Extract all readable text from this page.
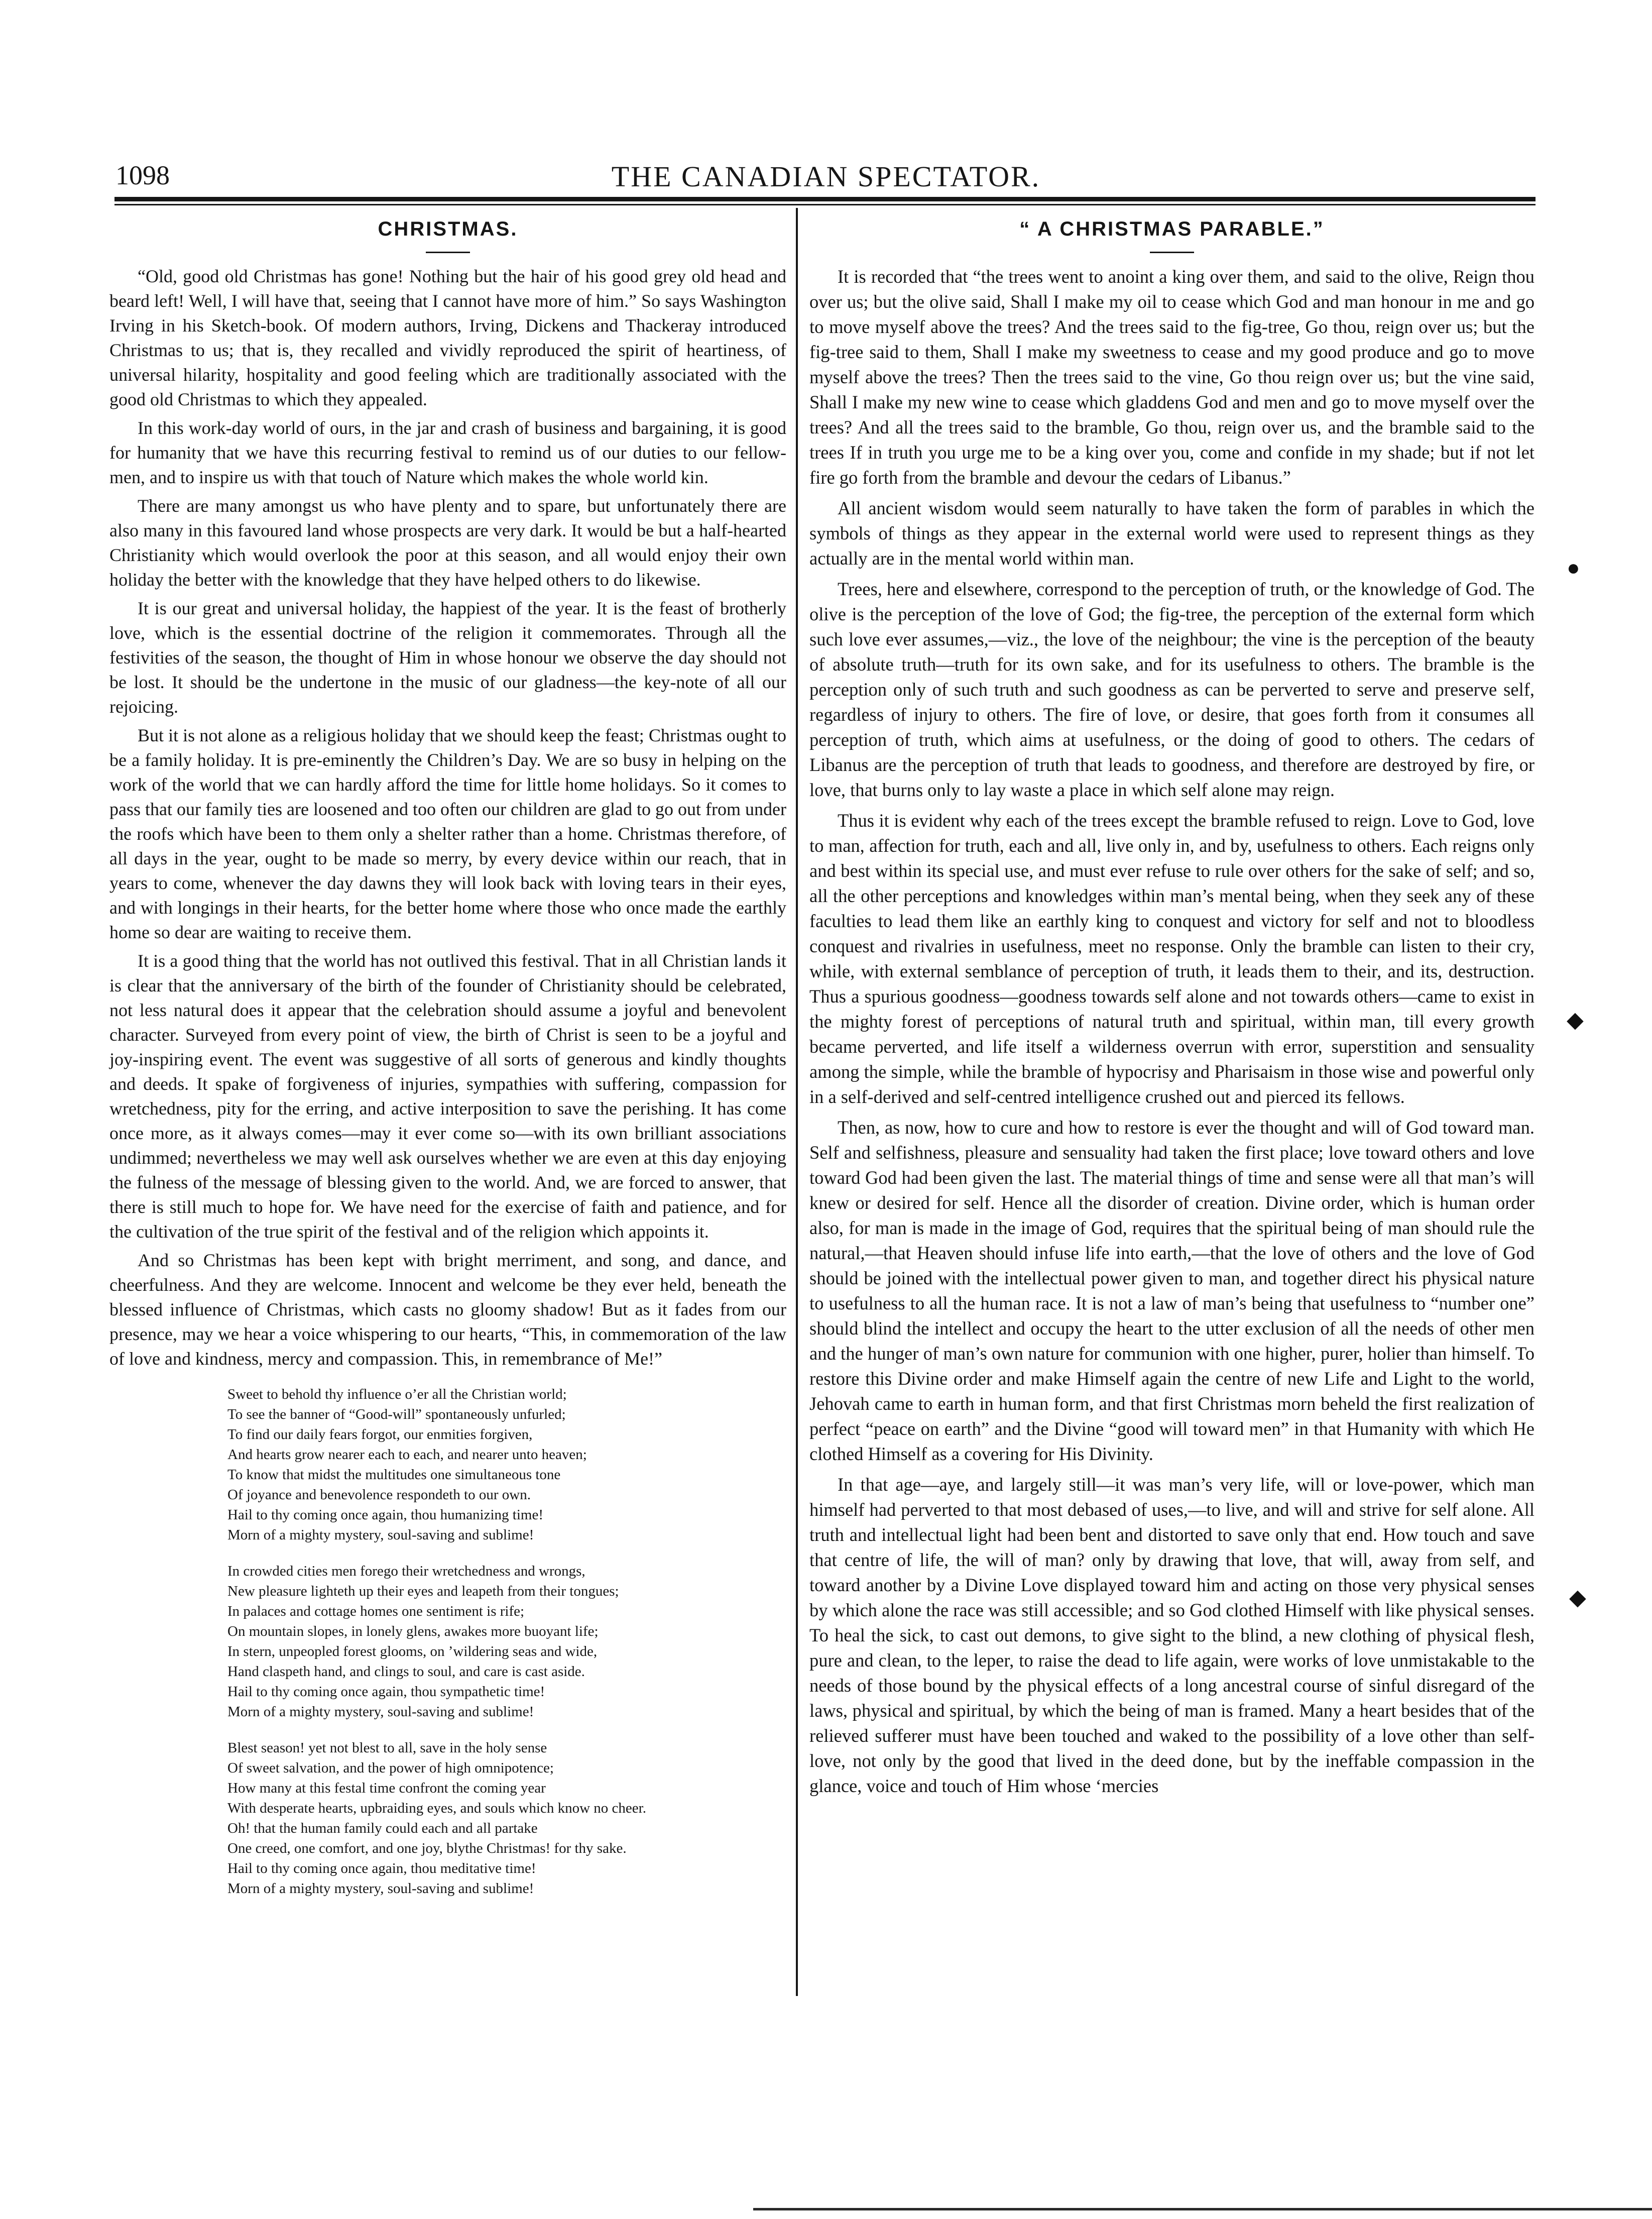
1098	THE CANADIAN SPECTATOR.
CHRISTMAS.

“Old, good old Christmas has gone! Nothing but the hair of his good grey old head and beard left! Well, I will have that, seeing that I cannot have more of him.” So says Washington Irving in his Sketch-book. Of modern authors, Irving, Dickens and Thackeray introduced Christmas to us; that is, they recalled and vividly reproduced the spirit of heartiness, of universal hilarity, hospitality and good feeling which are traditionally associated with the good old Christmas to which they appealed.

In this work-day world of ours, in the jar and crash of business and bargaining, it is good for humanity that we have this recurring festival to remind us of our duties to our fellow-men, and to inspire us with that touch of Nature which makes the whole world kin.

There are many amongst us who have plenty and to spare, but unfortunately there are also many in this favoured land whose prospects are very dark. It would be but a half-hearted Christianity which would overlook the poor at this season, and all would enjoy their own holiday the better with the knowledge that they have helped others to do likewise.

It is our great and universal holiday, the happiest of the year. It is the feast of brotherly love, which is the essential doctrine of the religion it commemorates. Through all the festivities of the season, the thought of Him in whose honour we observe the day should not be lost. It should be the undertone in the music of our gladness—the key-note of all our rejoicing.

But it is not alone as a religious holiday that we should keep the feast; Christmas ought to be a family holiday. It is pre-eminently the Children’s Day. We are so busy in helping on the work of the world that we can hardly afford the time for little home holidays. So it comes to pass that our family ties are loosened and too often our children are glad to go out from under the roofs which have been to them only a shelter rather than a home. Christmas therefore, of all days in the year, ought to be made so merry, by every device within our reach, that in years to come, whenever the day dawns they will look back with loving tears in their eyes, and with longings in their hearts, for the better home where those who once made the earthly home so dear are waiting to receive them.

It is a good thing that the world has not outlived this festival. That in all Christian lands it is clear that the anniversary of the birth of the founder of Christianity should be celebrated, not less natural does it appear that the celebration should assume a joyful and benevolent character. Surveyed from every point of view, the birth of Christ is seen to be a joyful and joy-inspiring event. The event was suggestive of all sorts of generous and kindly thoughts and deeds. It spake of forgiveness of injuries, sympathies with suffering, compassion for wretchedness, pity for the erring, and active interposition to save the perishing. It has come once more, as it always comes—may it ever come so—with its own brilliant associations undimmed; nevertheless we may well ask ourselves whether we are even at this day enjoying the fulness of the message of blessing given to the world. And, we are forced to answer, that there is still much to hope for. We have need for the exercise of faith and patience, and for the cultivation of the true spirit of the festival and of the religion which appoints it.

And so Christmas has been kept with bright merriment, and song, and dance, and cheerfulness. And they are welcome. Innocent and welcome be they ever held, beneath the blessed influence of Christmas, which casts no gloomy shadow! But as it fades from our presence, may we hear a voice whispering to our hearts, “This, in commemoration of the law of love and kindness, mercy and compassion. This, in remembrance of Me!”

Sweet to behold thy influence o’er all the Christian world;
To see the banner of “Good-will” spontaneously unfurled;
To find our daily fears forgot, our enmities forgiven,
And hearts grow nearer each to each, and nearer unto heaven;
To know that midst the multitudes one simultaneous tone
Of joyance and benevolence respondeth to our own.
Hail to thy coming once again, thou humanizing time!
Morn of a mighty mystery, soul-saving and sublime!
In crowded cities men forego their wretchedness and wrongs,
New pleasure lighteth up their eyes and leapeth from their tongues;
In palaces and cottage homes one sentiment is rife;
On mountain slopes, in lonely glens, awakes more buoyant life;
In stern, unpeopled forest glooms, on ’wildering seas and wide,
Hand claspeth hand, and clings to soul, and care is cast aside.
Hail to thy coming once again, thou sympathetic time!
Morn of a mighty mystery, soul-saving and sublime!
Blest season! yet not blest to all, save in the holy sense
Of sweet salvation, and the power of high omnipotence;
How many at this festal time confront the coming year
With desperate hearts, upbraiding eyes, and souls which know no cheer.
Oh! that the human family could each and all partake
One creed, one comfort, and one joy, blythe Christmas! for thy sake.
Hail to thy coming once again, thou meditative time!
Morn of a mighty mystery, soul-saving and sublime!
“ A CHRISTMAS PARABLE.”

It is recorded that “the trees went to anoint a king over them, and said to the olive, Reign thou over us; but the olive said, Shall I make my oil to cease which God and man honour in me and go to move myself above the trees? And the trees said to the fig-tree, Go thou, reign over us; but the fig-tree said to them, Shall I make my sweetness to cease and my good produce and go to move myself above the trees? Then the trees said to the vine, Go thou reign over us; but the vine said, Shall I make my new wine to cease which gladdens God and men and go to move myself over the trees? And all the trees said to the bramble, Go thou, reign over us, and the bramble said to the trees If in truth you urge me to be a king over you, come and confide in my shade; but if not let fire go forth from the bramble and devour the cedars of Libanus.”

All ancient wisdom would seem naturally to have taken the form of parables in which the symbols of things as they appear in the external world were used to represent things as they actually are in the mental world within man.

Trees, here and elsewhere, correspond to the perception of truth, or the knowledge of God. The olive is the perception of the love of God; the fig-tree, the perception of the external form which such love ever assumes,—viz., the love of the neighbour; the vine is the perception of the beauty of absolute truth—truth for its own sake, and for its usefulness to others. The bramble is the perception only of such truth and such goodness as can be perverted to serve and preserve self, regardless of injury to others. The fire of love, or desire, that goes forth from it consumes all perception of truth, which aims at usefulness, or the doing of good to others. The cedars of Libanus are the perception of truth that leads to goodness, and therefore are destroyed by fire, or love, that burns only to lay waste a place in which self alone may reign.

Thus it is evident why each of the trees except the bramble refused to reign. Love to God, love to man, affection for truth, each and all, live only in, and by, usefulness to others. Each reigns only and best within its special use, and must ever refuse to rule over others for the sake of self; and so, all the other perceptions and knowledges within man’s mental being, when they seek any of these faculties to lead them like an earthly king to conquest and victory for self and not to bloodless conquest and rivalries in usefulness, meet no response. Only the bramble can listen to their cry, while, with external semblance of perception of truth, it leads them to their, and its, destruction. Thus a spurious goodness—goodness towards self alone and not towards others—came to exist in the mighty forest of perceptions of natural truth and spiritual, within man, till every growth became perverted, and life itself a wilderness overrun with error, superstition and sensuality among the simple, while the bramble of hypocrisy and Pharisaism in those wise and powerful only in a self-derived and self-centred intelligence crushed out and pierced its fellows.

Then, as now, how to cure and how to restore is ever the thought and will of God toward man. Self and selfishness, pleasure and sensuality had taken the first place; love toward others and love toward God had been given the last. The material things of time and sense were all that man’s will knew or desired for self. Hence all the disorder of creation. Divine order, which is human order also, for man is made in the image of God, requires that the spiritual being of man should rule the natural,—that Heaven should infuse life into earth,—that the love of others and the love of God should be joined with the intellectual power given to man, and together direct his physical nature to usefulness to all the human race. It is not a law of man’s being that usefulness to “number one” should blind the intellect and occupy the heart to the utter exclusion of all the needs of other men and the hunger of man’s own nature for communion with one higher, purer, holier than himself. To restore this Divine order and make Himself again the centre of new Life and Light to the world, Jehovah came to earth in human form, and that first Christmas morn beheld the first realization of perfect “peace on earth” and the Divine “good will toward men” in that Humanity with which He clothed Himself as a covering for His Divinity.

In that age—aye, and largely still—it was man’s very life, will or love-power, which man himself had perverted to that most debased of uses,—to live, and will and strive for self alone. All truth and intellectual light had been bent and distorted to save only that end. How touch and save that centre of life, the will of man? only by drawing that love, that will, away from self, and toward another by a Divine Love displayed toward him and acting on those very physical senses by which alone the race was still accessible; and so God clothed Himself with like physical senses. To heal the sick, to cast out demons, to give sight to the blind, a new clothing of physical flesh, pure and clean, to the leper, to raise the dead to life again, were works of love unmistakable to the needs of those bound by the physical effects of a long ancestral course of sinful disregard of the laws, physical and spiritual, by which the being of man is framed. Many a heart besides that of the relieved sufferer must have been touched and waked to the possibility of a love other than self-love, not only by the good that lived in the deed done, but by the ineffable compassion in the glance, voice and touch of Him whose ‘mercies

●
◆
◆
